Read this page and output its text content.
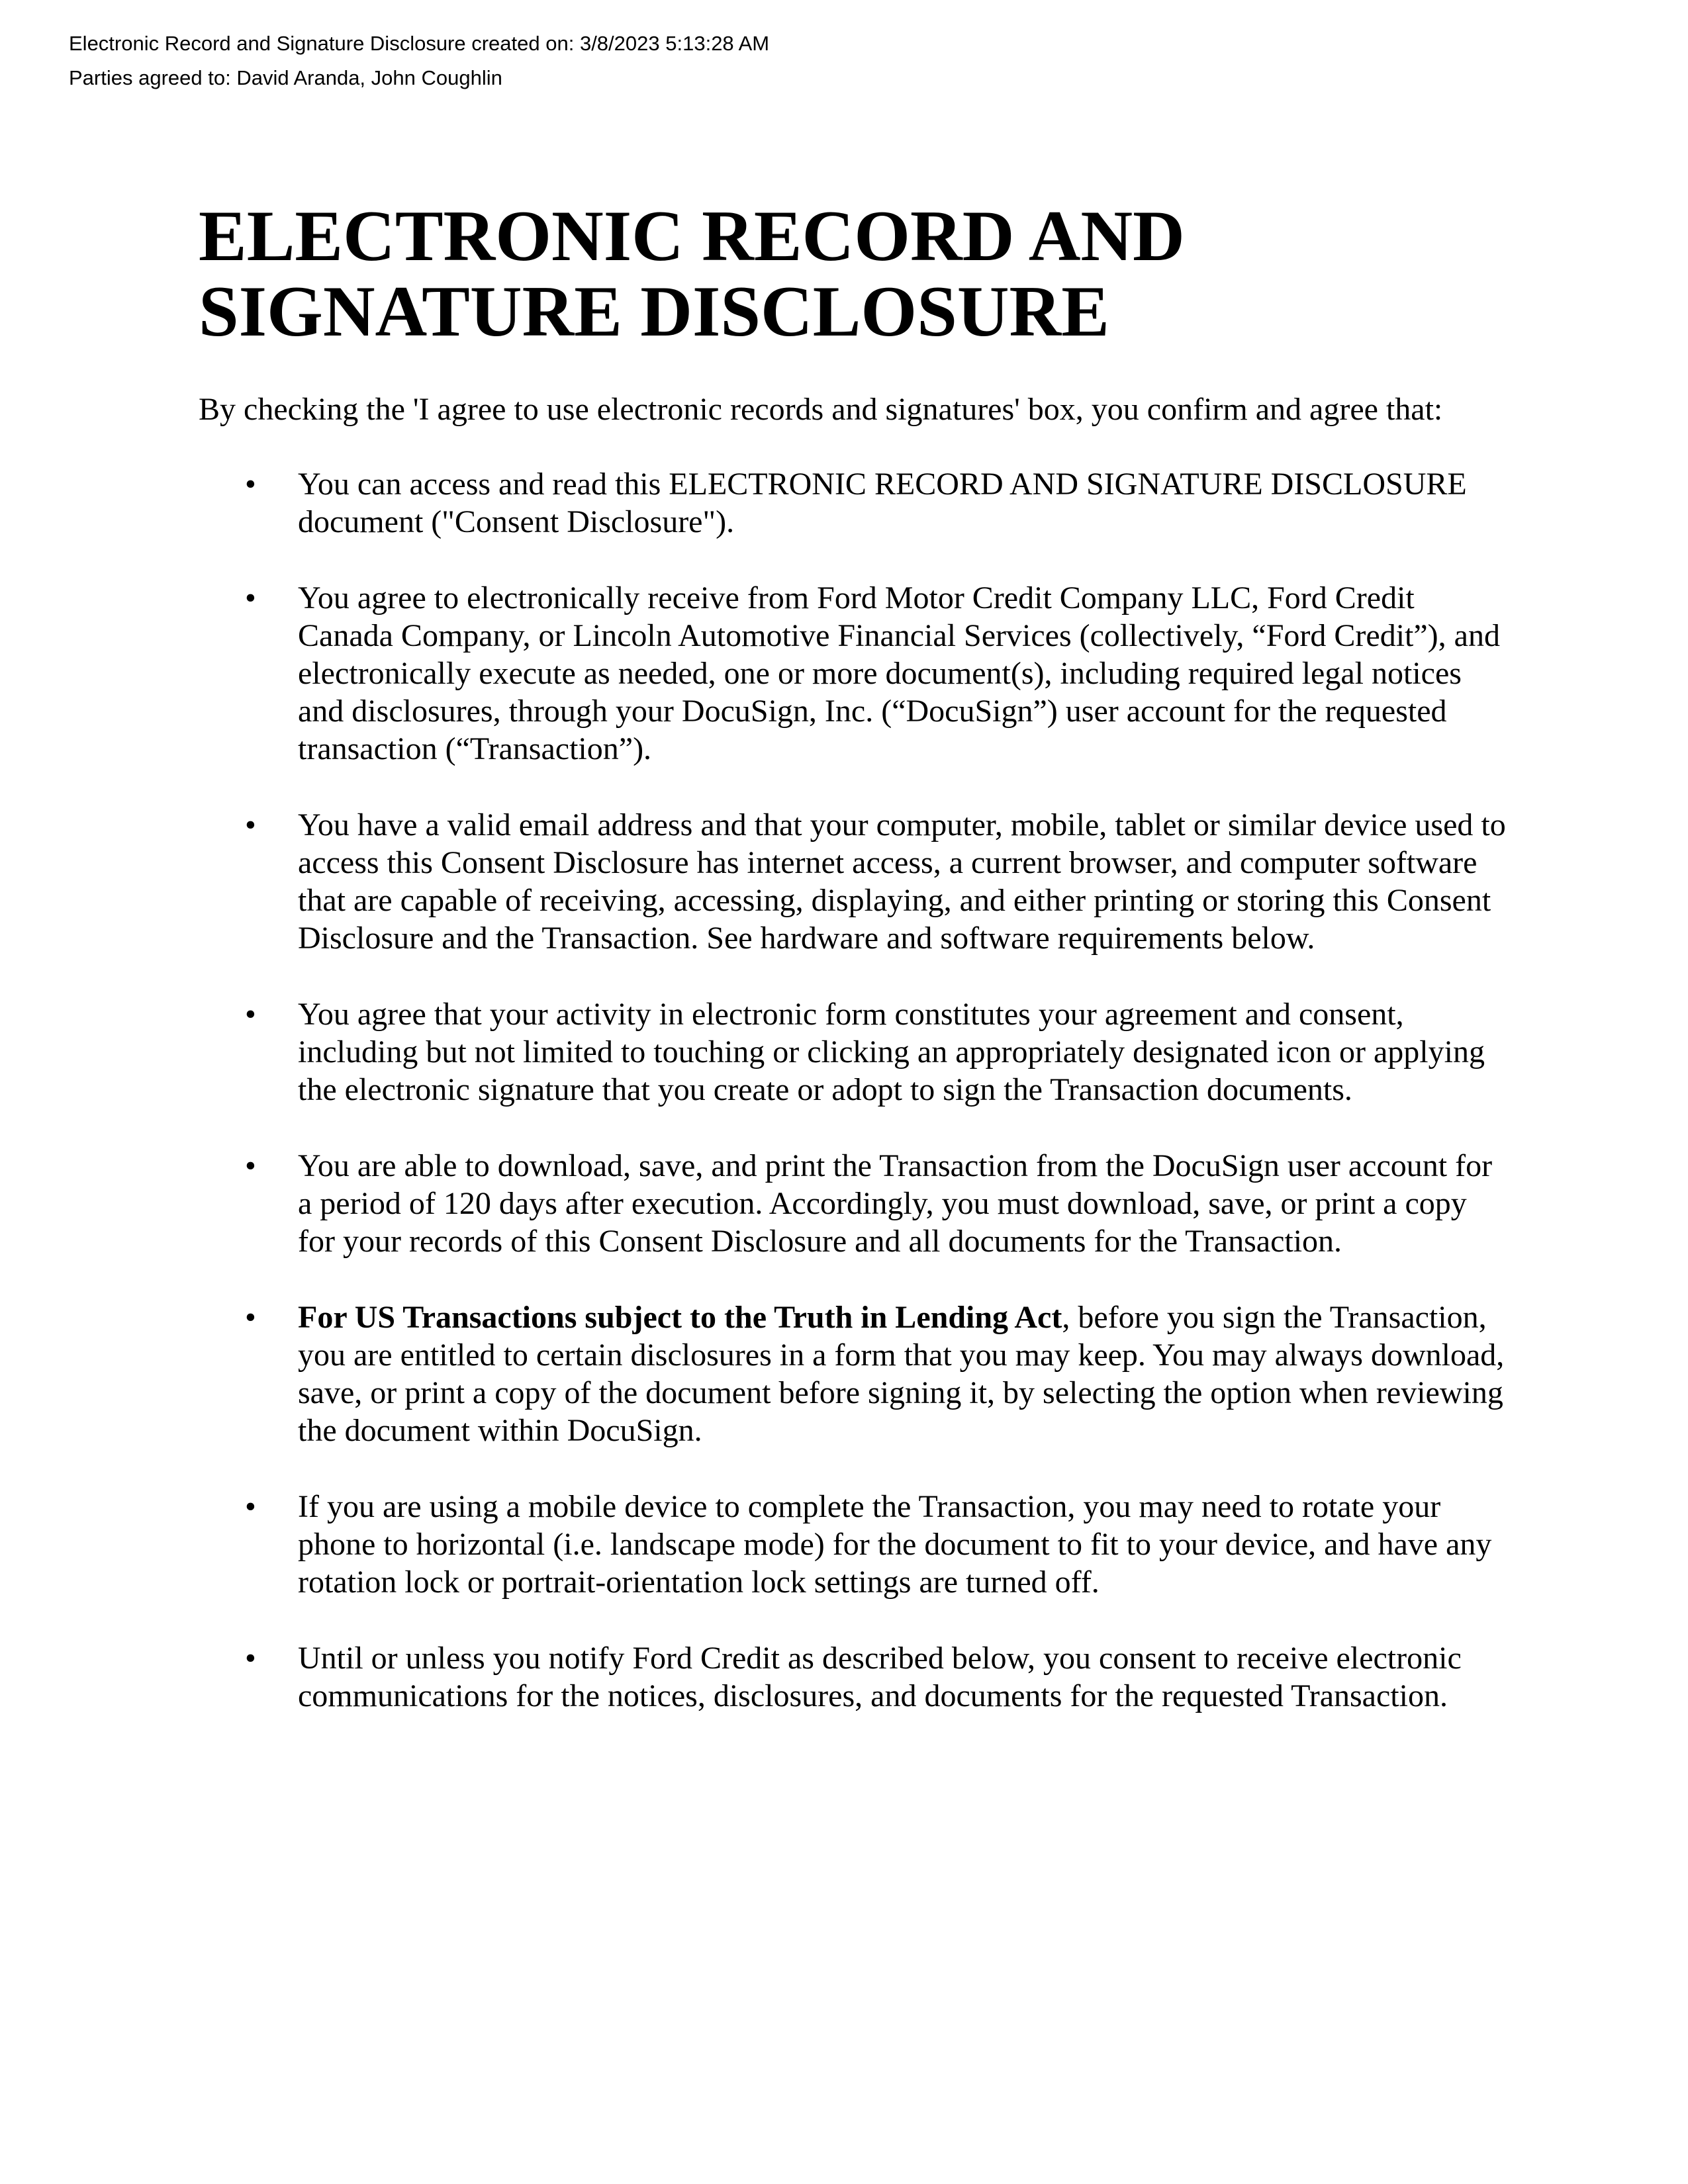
Electronic Record and Signature Disclosure created on: 3/8/2023 5:13:28 AM
Parties agreed to: David Aranda, John Coughlin
ELECTRONIC RECORD AND
SIGNATURE DISCLOSURE

By checking the 'I agree to use electronic records and signatures' box, you confirm and agree that:

• You can access and read this ELECTRONIC RECORD AND SIGNATURE DISCLOSURE document ("Consent Disclosure").
• You agree to electronically receive from Ford Motor Credit Company LLC, Ford Credit Canada Company, or Lincoln Automotive Financial Services (collectively, “Ford Credit”), and electronically execute as needed, one or more document(s), including required legal notices and disclosures, through your DocuSign, Inc. (“DocuSign”) user account for the requested transaction (“Transaction”).
• You have a valid email address and that your computer, mobile, tablet or similar device used to access this Consent Disclosure has internet access, a current browser, and computer software that are capable of receiving, accessing, displaying, and either printing or storing this Consent Disclosure and the Transaction. See hardware and software requirements below.
• You agree that your activity in electronic form constitutes your agreement and consent, including but not limited to touching or clicking an appropriately designated icon or applying the electronic signature that you create or adopt to sign the Transaction documents.
• You are able to download, save, and print the Transaction from the DocuSign user account for a period of 120 days after execution. Accordingly, you must download, save, or print a copy for your records of this Consent Disclosure and all documents for the Transaction.
• For US Transactions subject to the Truth in Lending Act, before you sign the Transaction, you are entitled to certain disclosures in a form that you may keep. You may always download, save, or print a copy of the document before signing it, by selecting the option when reviewing the document within DocuSign.
• If you are using a mobile device to complete the Transaction, you may need to rotate your phone to horizontal (i.e. landscape mode) for the document to fit to your device, and have any rotation lock or portrait-orientation lock settings are turned off.
• Until or unless you notify Ford Credit as described below, you consent to receive electronic communications for the notices, disclosures, and documents for the requested Transaction.
